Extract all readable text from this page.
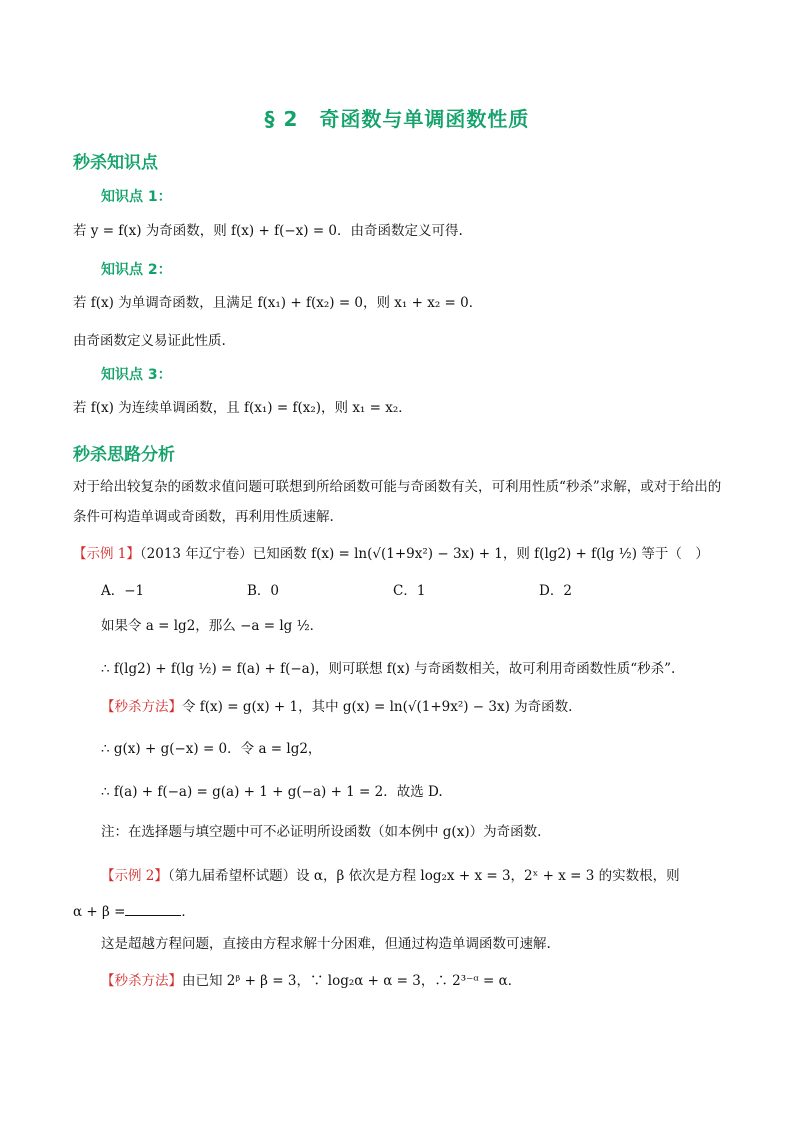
§ 2　奇函数与单调函数性质
秒杀知识点
知识点 1：
若 y = f(x) 为奇函数，则 f(x) + f(−x) = 0．由奇函数定义可得.
知识点 2：
若 f(x) 为单调奇函数，且满足 f(x₁) + f(x₂) = 0，则 x₁ + x₂ = 0．
由奇函数定义易证此性质.
知识点 3：
若 f(x) 为连续单调函数，且 f(x₁) = f(x₂)，则 x₁ = x₂．
秒杀思路分析
对于给出较复杂的函数求值问题可联想到所给函数可能与奇函数有关，可利用性质“秒杀”求解，或对于给出的条件可构造单调或奇函数，再利用性质速解.
【示例 1】（2013 年辽宁卷）已知函数 f(x) = ln(√(1+9x²) − 3x) + 1，则 f(lg2) + f(lg ½) 等于（　）
A．−1	B．0	C．1	D．2
如果令 a = lg2，那么 −a = lg ½．
∴ f(lg2) + f(lg ½) = f(a) + f(−a)，则可联想 f(x) 与奇函数相关，故可利用奇函数性质“秒杀”.
【秒杀方法】令 f(x) = g(x) + 1，其中 g(x) = ln(√(1+9x²) − 3x) 为奇函数.
∴ g(x) + g(−x) = 0．令 a = lg2，
∴ f(a) + f(−a) = g(a) + 1 + g(−a) + 1 = 2．故选 D.
注：在选择题与填空题中可不必证明所设函数（如本例中 g(x)）为奇函数.
【示例 2】（第九届希望杯试题）设 α，β 依次是方程 log₂x + x = 3，2ˣ + x = 3 的实数根，则
α + β =	．
这是超越方程问题，直接由方程求解十分困难，但通过构造单调函数可速解.
【秒杀方法】由已知 2ᵝ + β = 3，∵ log₂α + α = 3，∴ 2³⁻ᵅ = α．
